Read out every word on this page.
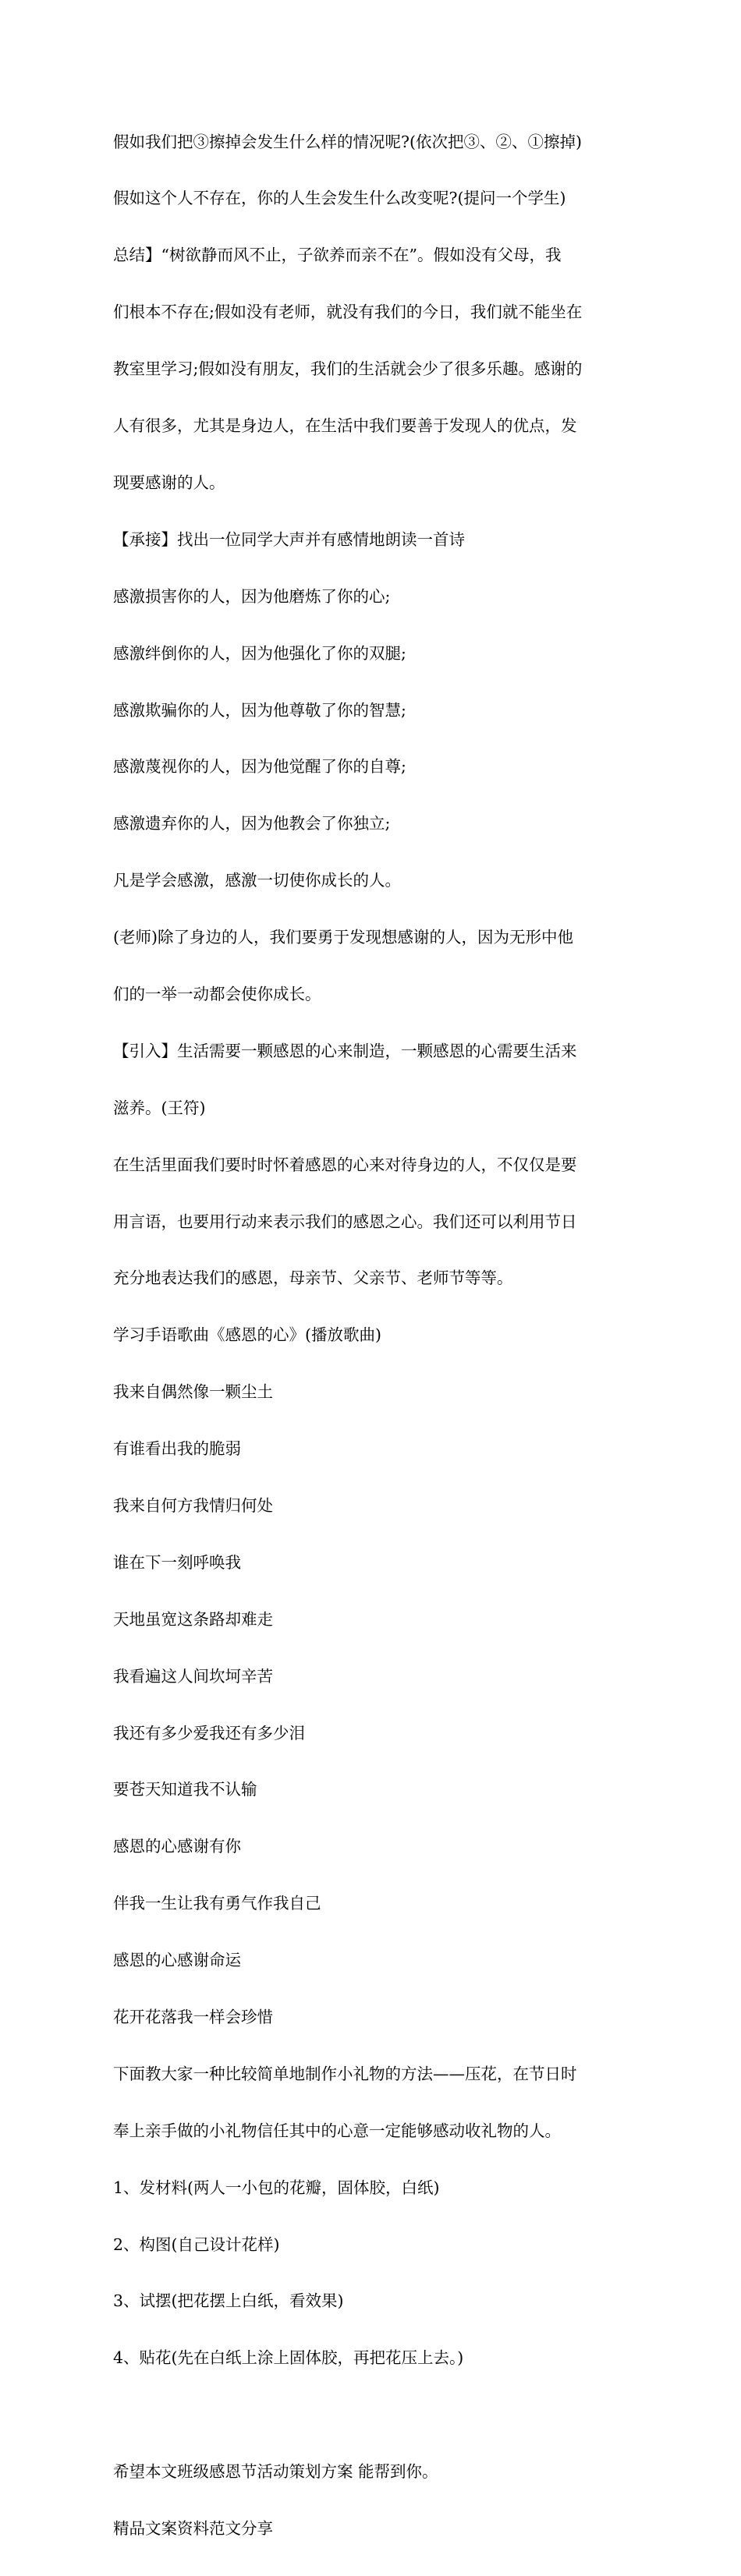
假如我们把③擦掉会发生什么样的情况呢?(依次把③、②、①擦掉)

假如这个人不存在，你的人生会发生什么改变呢?(提问一个学生)

总结】“树欲静而风不止，子欲养而亲不在”。假如没有父母，我

们根本不存在;假如没有老师，就没有我们的今日，我们就不能坐在

教室里学习;假如没有朋友，我们的生活就会少了很多乐趣。感谢的

人有很多，尤其是身边人，在生活中我们要善于发现人的优点，发

现要感谢的人。

【承接】找出一位同学大声并有感情地朗读一首诗

感激损害你的人，因为他磨炼了你的心;

感激绊倒你的人，因为他强化了你的双腿;

感激欺骗你的人，因为他尊敬了你的智慧;

感激蔑视你的人，因为他觉醒了你的自尊;

感激遗弃你的人，因为他教会了你独立;

凡是学会感激，感激一切使你成长的人。

(老师)除了身边的人，我们要勇于发现想感谢的人，因为无形中他

们的一举一动都会使你成长。

【引入】生活需要一颗感恩的心来制造，一颗感恩的心需要生活来

滋养。(王符)

在生活里面我们要时时怀着感恩的心来对待身边的人，不仅仅是要

用言语，也要用行动来表示我们的感恩之心。我们还可以利用节日

充分地表达我们的感恩，母亲节、父亲节、老师节等等。

学习手语歌曲《感恩的心》(播放歌曲)

我来自偶然像一颗尘土

有谁看出我的脆弱

我来自何方我情归何处

谁在下一刻呼唤我

天地虽宽这条路却难走

我看遍这人间坎坷辛苦

我还有多少爱我还有多少泪

要苍天知道我不认输

感恩的心感谢有你

伴我一生让我有勇气作我自己

感恩的心感谢命运

花开花落我一样会珍惜

下面教大家一种比较简单地制作小礼物的方法——压花，在节日时

奉上亲手做的小礼物信任其中的心意一定能够感动收礼物的人。

1、发材料(两人一小包的花瓣，固体胶，白纸)

2、构图(自己设计花样)

3、试摆(把花摆上白纸，看效果)

4、贴花(先在白纸上涂上固体胶，再把花压上去。)

希望本文班级感恩节活动策划方案 能帮到你。

精品文案资料范文分享
